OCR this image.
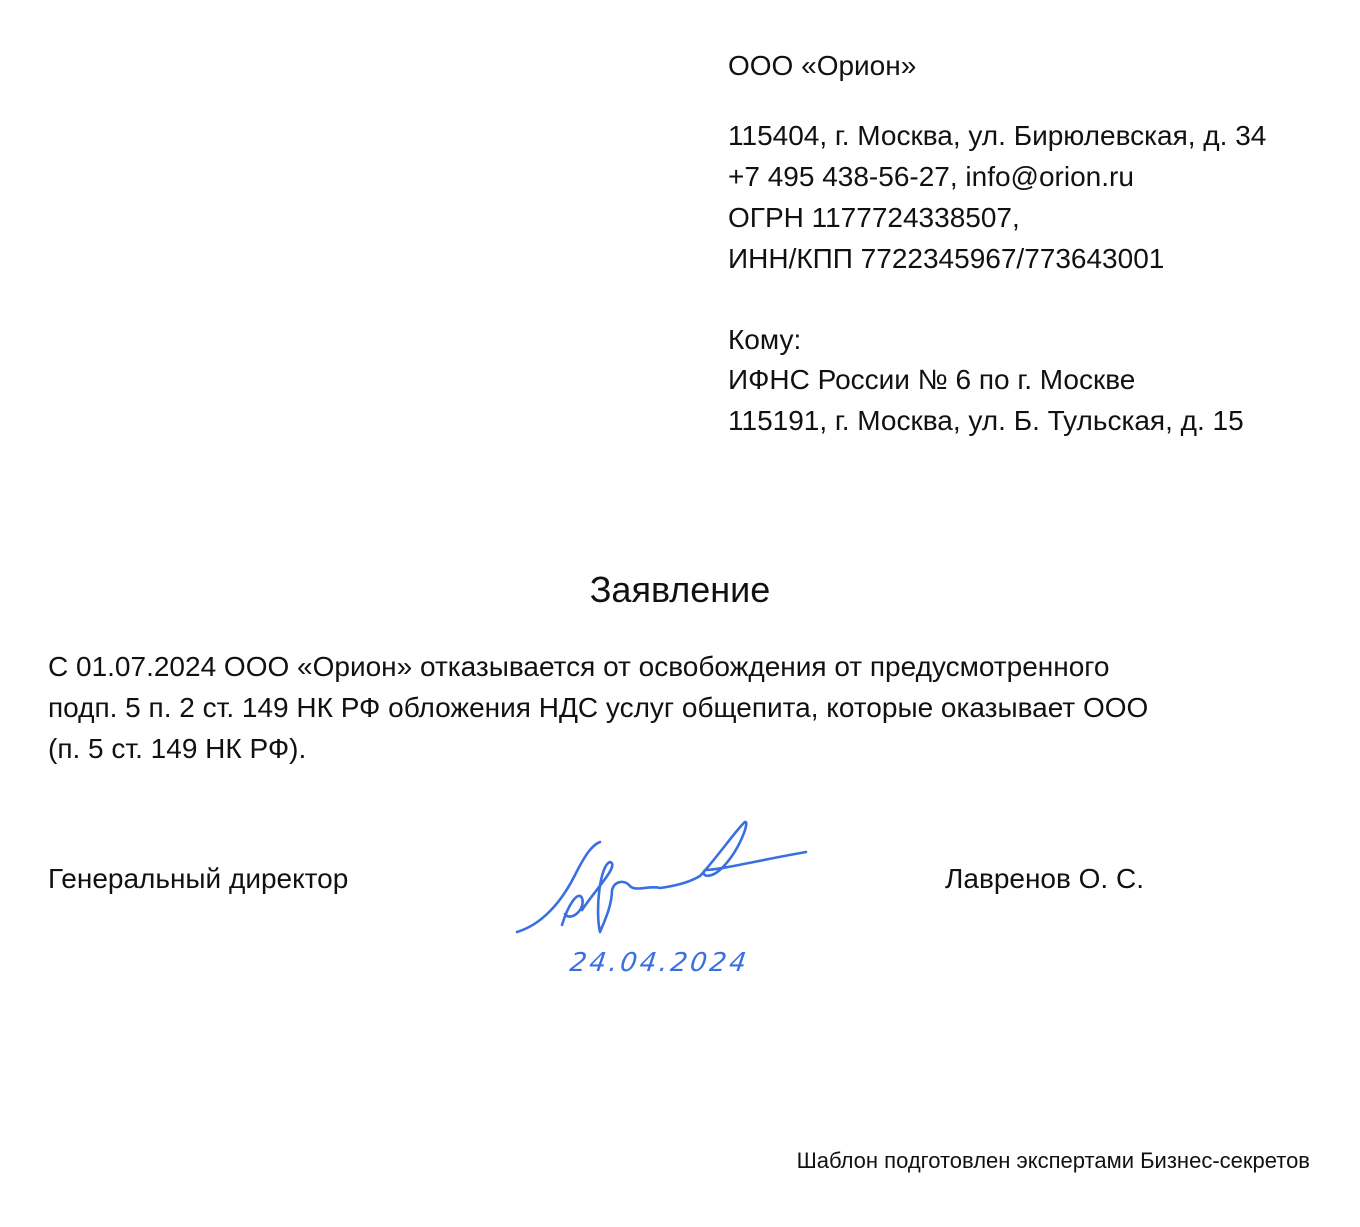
ООО «Орион»
115404, г. Москва, ул. Бирюлевская, д. 34
+7 495 438-56-27, info@orion.ru
ОГРН 1177724338507,
ИНН/КПП 7722345967/773643001
Кому:
ИФНС России № 6 по г. Москве
115191, г. Москва, ул. Б. Тульская, д. 15
Заявление
С 01.07.2024 ООО «Орион» отказывается от освобождения от предусмотренного
подп. 5 п. 2 ст. 149 НК РФ обложения НДС услуг общепита, которые оказывает ООО
(п. 5 ст. 149 НК РФ).
Генеральный директор	Лавренов О. С.
24.04.2024
Шаблон подготовлен экспертами Бизнес-секретов
